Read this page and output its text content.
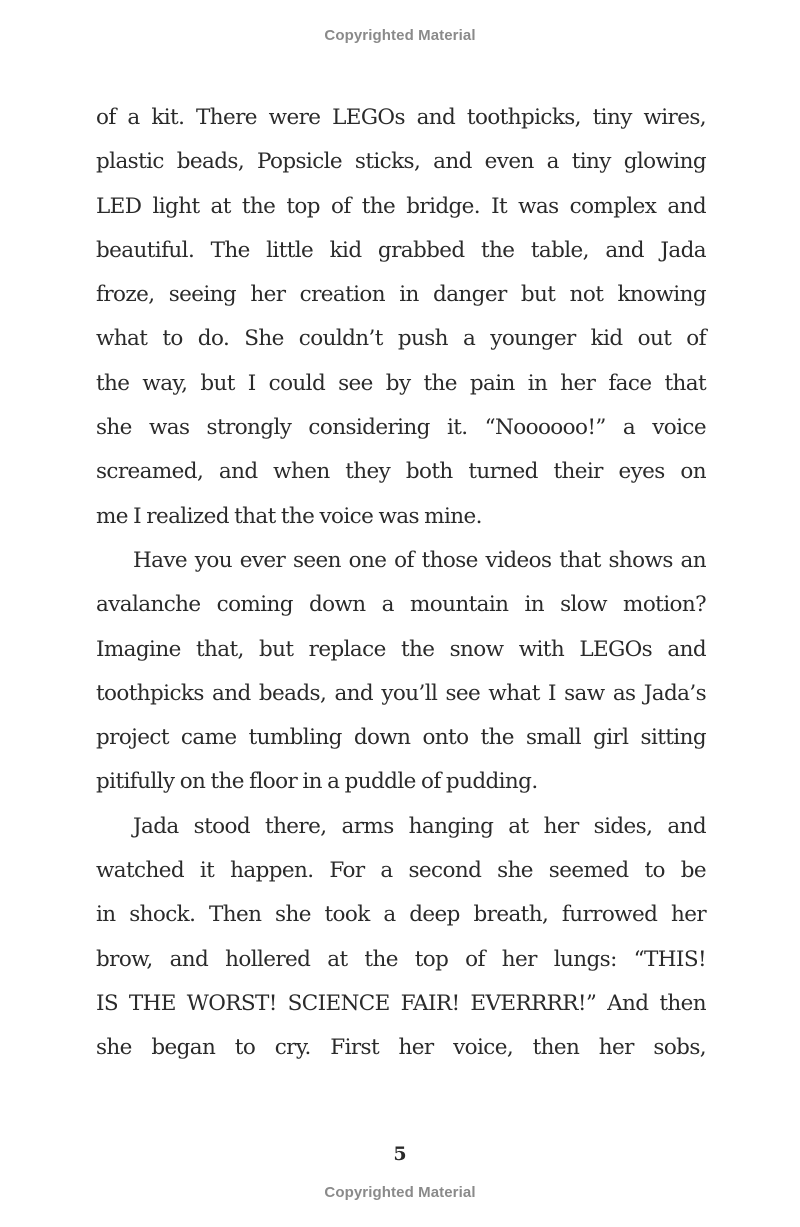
Copyrighted Material
of a kit. There were LEGOs and toothpicks, tiny wires,
plastic beads, Popsicle sticks, and even a tiny glowing
LED light at the top of the bridge. It was complex and
beautiful. The little kid grabbed the table, and Jada
froze, seeing her creation in danger but not knowing
what to do. She couldn’t push a younger kid out of
the way, but I could see by the pain in her face that
she was strongly considering it. “Noooooo!” a voice
screamed, and when they both turned their eyes on
me I realized that the voice was mine.
Have you ever seen one of those videos that shows an
avalanche coming down a mountain in slow motion?
Imagine that, but replace the snow with LEGOs and
toothpicks and beads, and you’ll see what I saw as Jada’s
project came tumbling down onto the small girl sitting
pitifully on the floor in a puddle of pudding.
Jada stood there, arms hanging at her sides, and
watched it happen. For a second she seemed to be
in shock. Then she took a deep breath, furrowed her
brow, and hollered at the top of her lungs: “THIS!
IS THE WORST! SCIENCE FAIR! EVERRRR!” And then
she began to cry. First her voice, then her sobs,
5
Copyrighted Material
